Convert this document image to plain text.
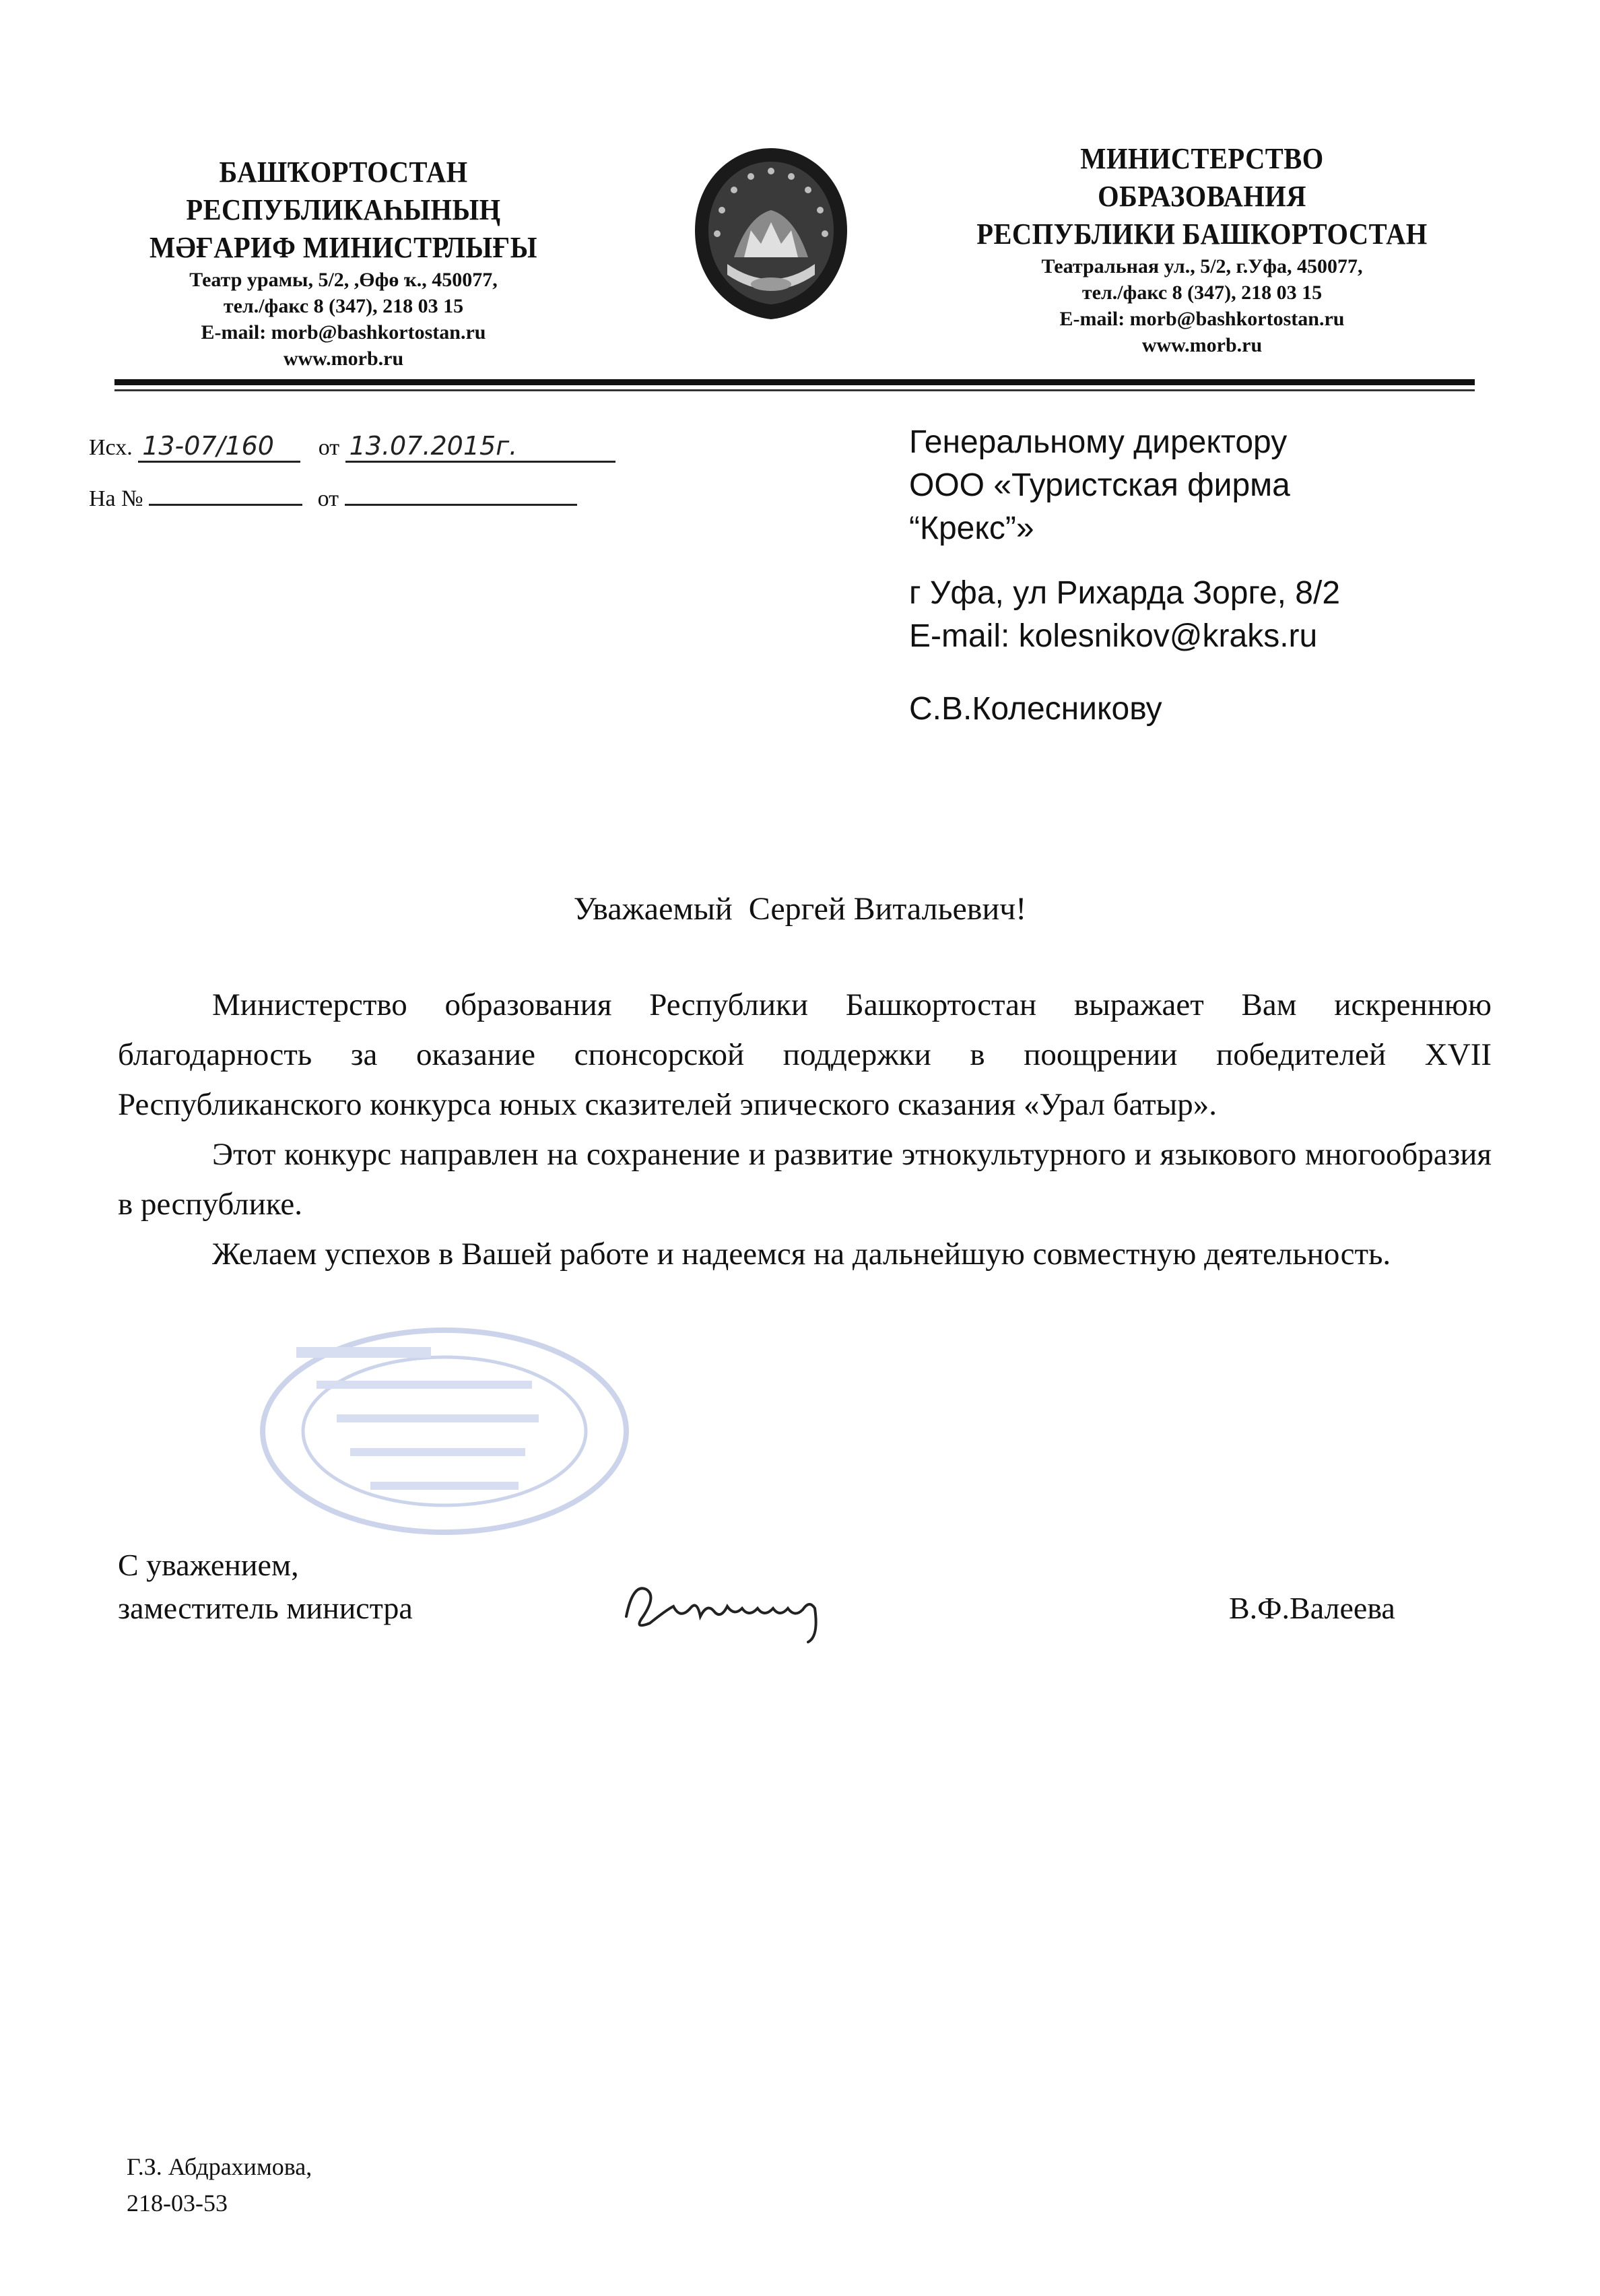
БАШҠОРТОСТАН
РЕСПУБЛИКАҺЫНЫҢ
МӘҒАРИФ МИНИСТРЛЫҒЫ
Театр урамы, 5/2, ,Өфө ҡ., 450077,
тел./факс 8 (347), 218 03 15
E-mail: morb@bashkortostan.ru
www.morb.ru
МИНИСТЕРСТВО
ОБРАЗОВАНИЯ
РЕСПУБЛИКИ БАШКОРТОСТАН
Театральная ул., 5/2, г.Уфа, 450077,
тел./факс 8 (347), 218 03 15
E-mail: morb@bashkortostan.ru
www.morb.ru
Исх. 13-07/160 от 13.07.2015г.
На №	от
Генеральному директору
ООО «Туристская фирма
“Крекс”»
г Уфа, ул Рихарда Зорге, 8/2
E-mail: kolesnikov@kraks.ru
С.В.Колесникову
Уважаемый  Сергей Витальевич!

Министерство образования Республики Башкортостан выражает Вам искреннюю благодарность за оказание спонсорской поддержки в поощрении победителей XVII Республиканского конкурса юных сказителей эпического сказания «Урал батыр».

Этот конкурс направлен на сохранение и развитие этнокультурного и языкового многообразия в республике.

Желаем успехов в Вашей работе и надеемся на дальнейшую совместную деятельность.

С уважением,
заместитель министра	В.Ф.Валеева
Г.З. Абдрахимова,
218-03-53
